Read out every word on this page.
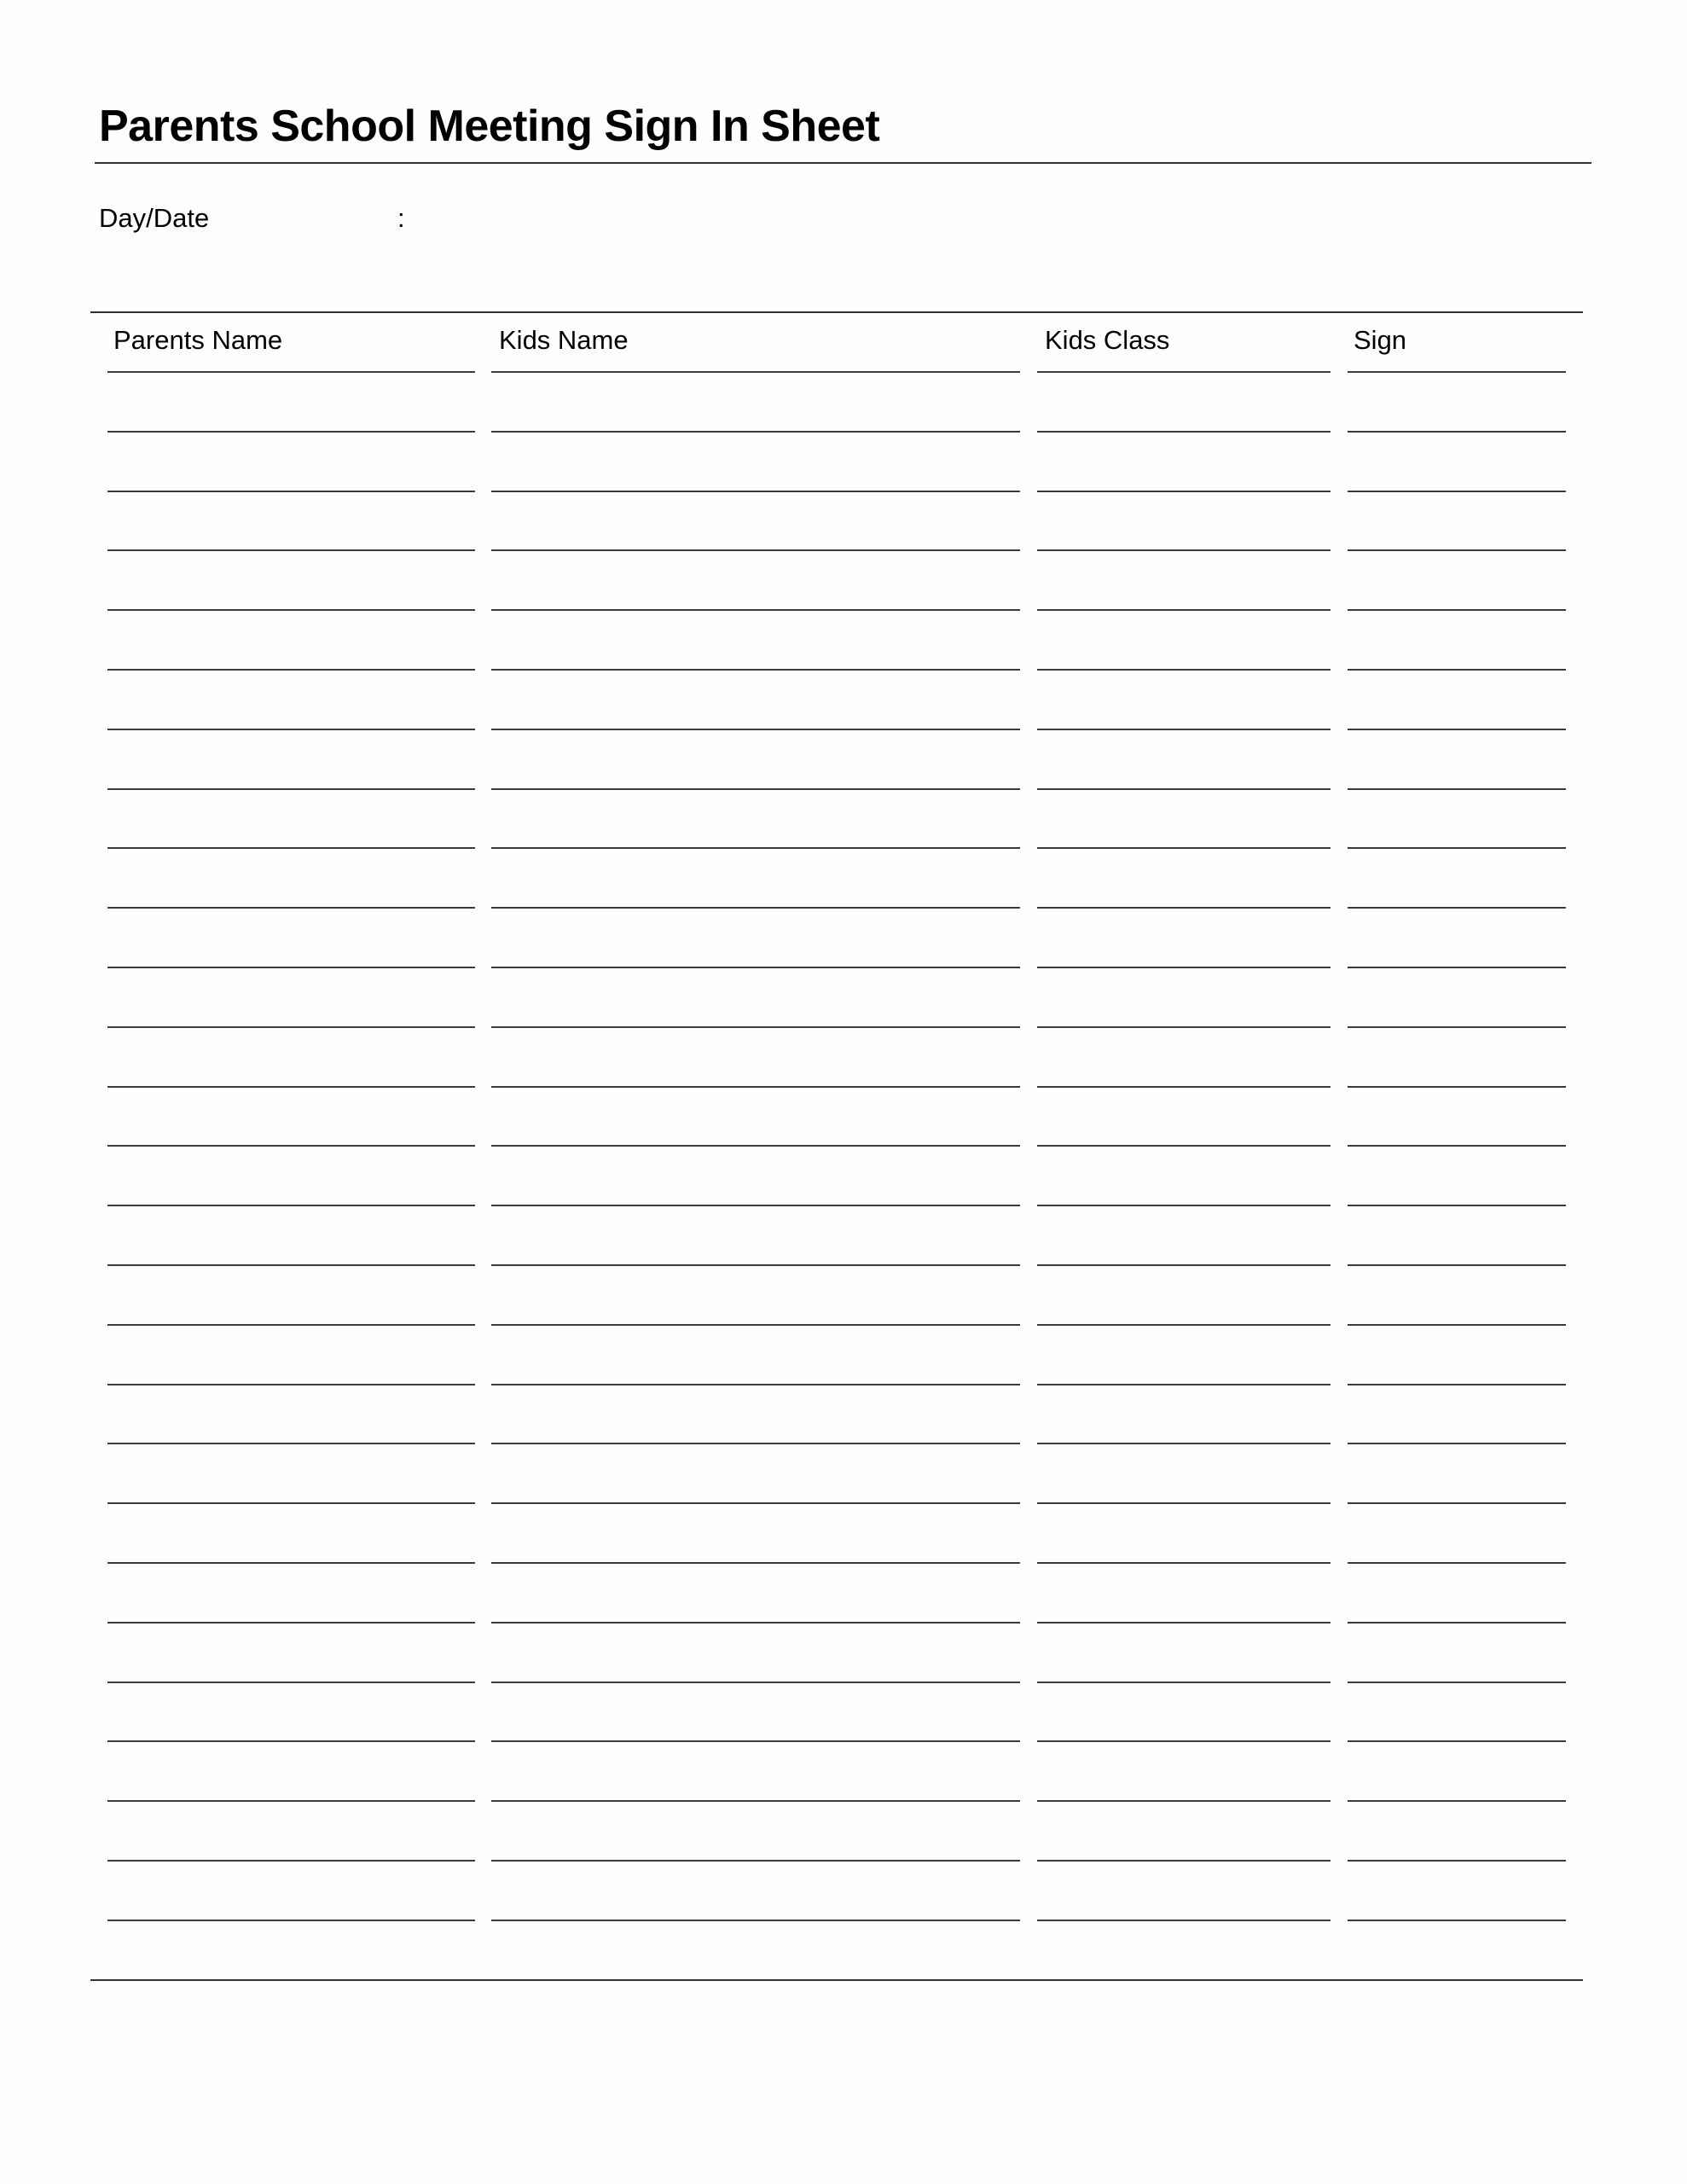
Parents School Meeting Sign In Sheet
Day/Date	:
Parents Name	Kids Name	Kids Class	Sign
